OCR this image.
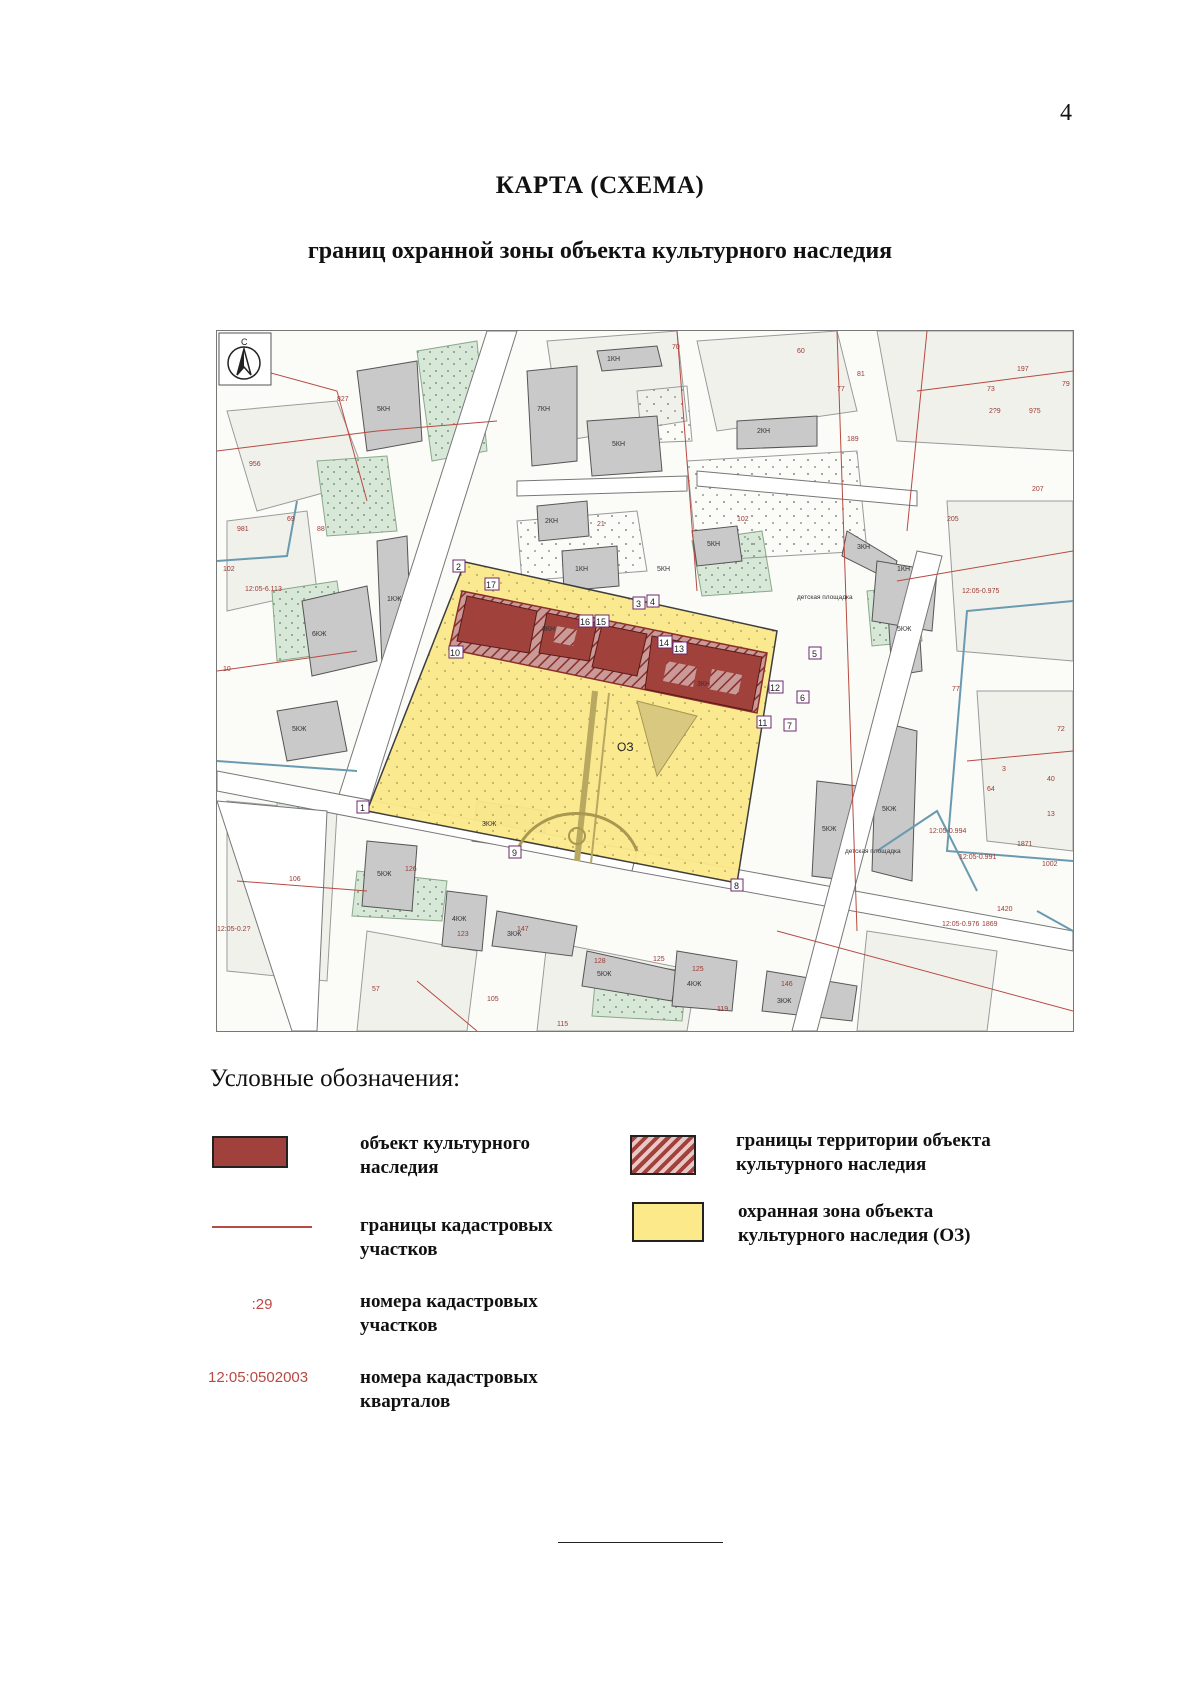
4
КАРТА (СХЕМА)
границ охранной зоны объекта культурного наследия
ОЗ
1
2
3 4
5
6
7
8
9
10
11
12
13
14
15
16
17
5КН	7КН
5КН
2КН
2КН
1КН	1КН
3КН
5КН
5КЖ
5КЖ
5КЖ
3КЖ
4КЖ
5КЖ
3КЖ
4КЖ
3КЖ
5КЖ
5КЖ
6КЖ
1КЖ
1КН
5КН
3КН
3КН
827
70
60
197
79
73
2?9	975
956
189
77
102
81
207
981	88
69
21
205
102
10
77
3
40
13
64
1871
1002
1420
1869
106
126
123
147
128
125
119
146
57
105
115
125
72
12:05-6.113	12:05-0.975
12:05-0.994
12:05-0.991
12:05-0.976
12:05-0.2?
детская площадка
детская площадка
С
Условные обозначения:
объект культурного
наследия
границы кадастровых
участков
:29	номера кадастровых
участков
12:05:0502003	номера кадастровых
кварталов
границы территории объекта
культурного наследия
охранная зона объекта
культурного наследия (ОЗ)
